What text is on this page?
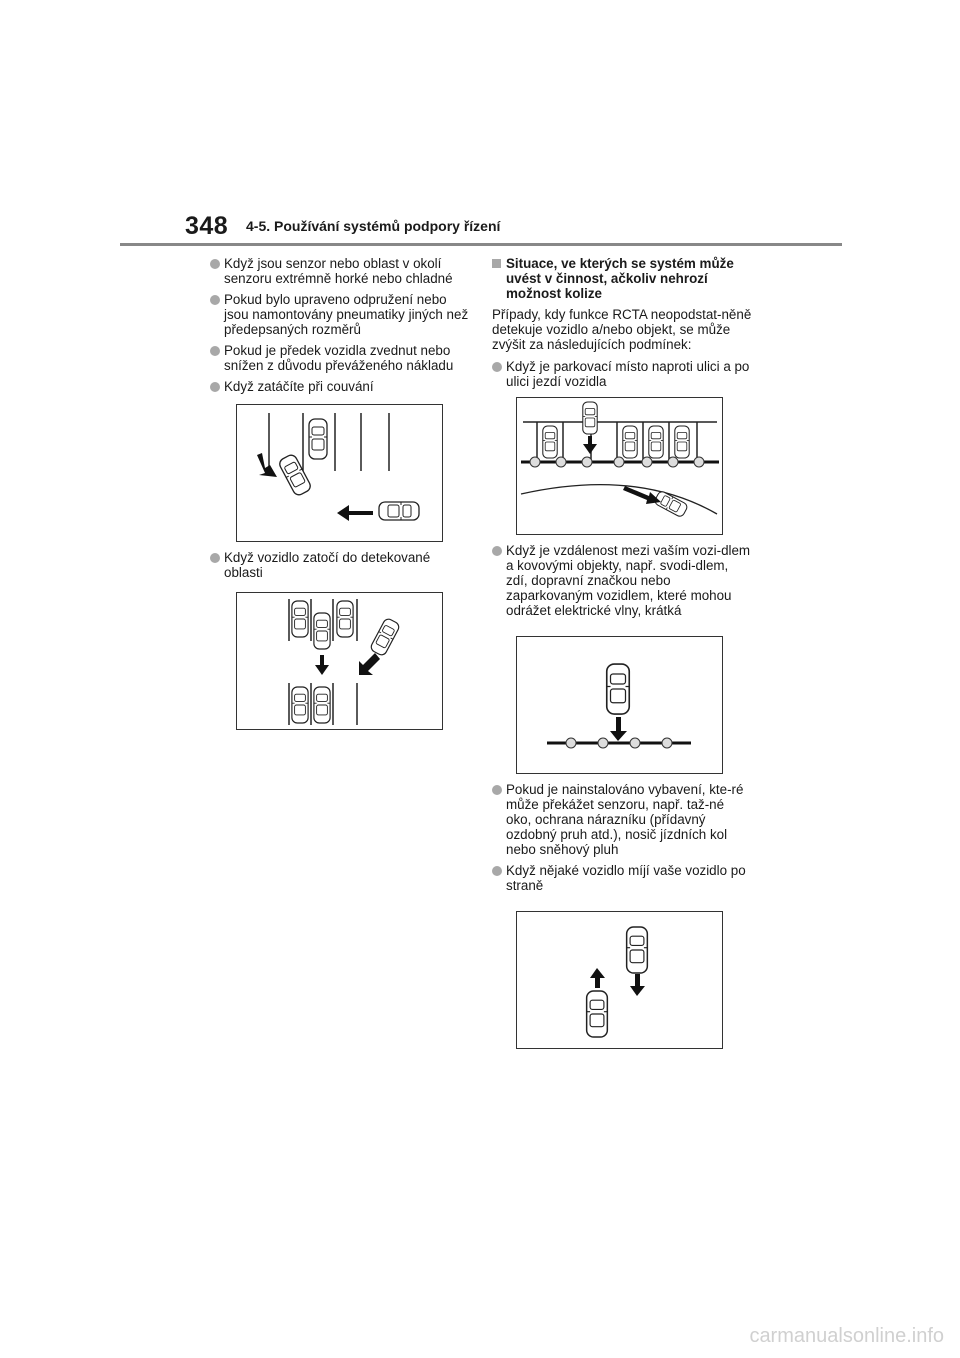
348 4-5. Používání systémů podpory řízení
Když jsou senzor nebo oblast v okolí senzoru extrémně horké nebo chladné
Pokud bylo upraveno odpružení nebo jsou namontovány pneumatiky jiných než předepsaných rozměrů
Pokud je předek vozidla zvednut nebo snížen z důvodu převáženého nákladu
Když zatáčíte při couvání
Když vozidlo zatočí do detekované oblasti
Situace, ve kterých se systém může uvést v činnost, ačkoliv nehrozí možnost kolize
Případy, kdy funkce RCTA neopodstat-něně detekuje vozidlo a/nebo objekt, se může zvýšit za následujících podmínek:
Když je parkovací místo naproti ulici a po ulici jezdí vozidla
Když je vzdálenost mezi vaším vozi-dlem a kovovými objekty, např. svodi-dlem, zdí, dopravní značkou nebo zaparkovaným vozidlem, které mohou odrážet elektrické vlny, krátká
Pokud je nainstalováno vybavení, kte-ré může překážet senzoru, např. taž-né oko, ochrana nárazníku (přídavný ozdobný pruh atd.), nosič jízdních kol nebo sněhový pluh
Když nějaké vozidlo míjí vaše vozidlo po straně
carmanualsonline.info
